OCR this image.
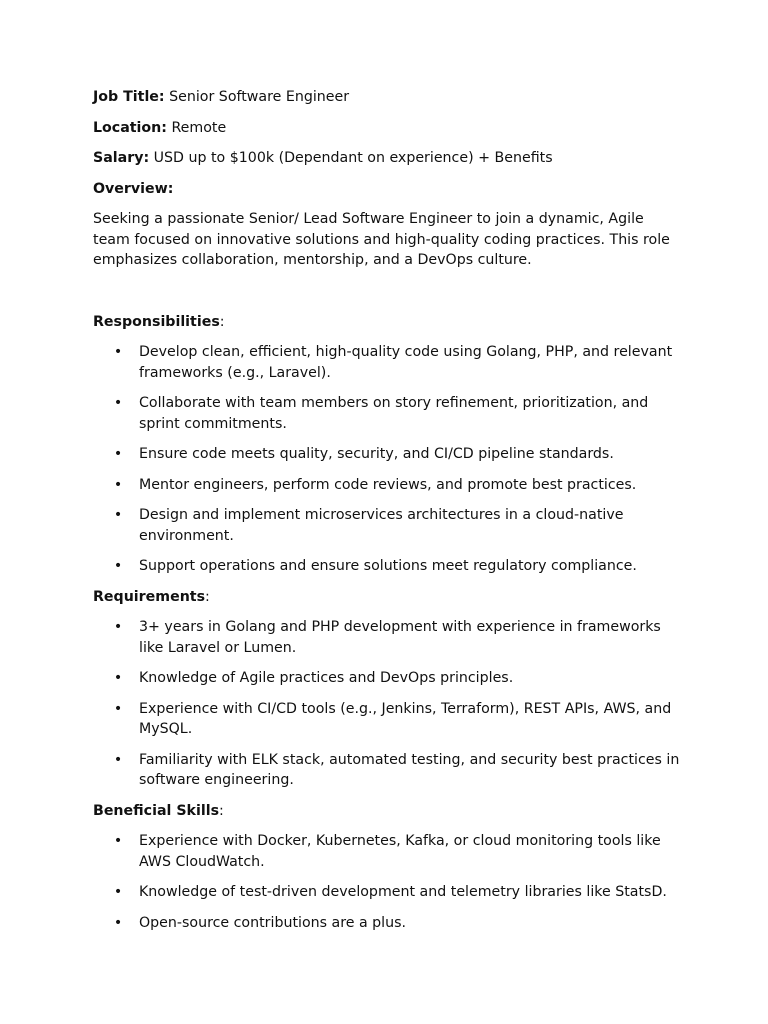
Job Title: Senior Software Engineer

Location: Remote

Salary: USD up to $100k (Dependant on experience) + Benefits

Overview:

Seeking a passionate Senior/ Lead Software Engineer to join a dynamic, Agile team focused on innovative solutions and high-quality coding practices. This role emphasizes collaboration, mentorship, and a DevOps culture.

Responsibilities:

• Develop clean, efficient, high-quality code using Golang, PHP, and relevant frameworks (e.g., Laravel).
• Collaborate with team members on story refinement, prioritization, and sprint commitments.
• Ensure code meets quality, security, and CI/CD pipeline standards.
• Mentor engineers, perform code reviews, and promote best practices.
• Design and implement microservices architectures in a cloud-native environment.
• Support operations and ensure solutions meet regulatory compliance.

Requirements:

• 3+ years in Golang and PHP development with experience in frameworks like Laravel or Lumen.
• Knowledge of Agile practices and DevOps principles.
• Experience with CI/CD tools (e.g., Jenkins, Terraform), REST APIs, AWS, and MySQL.
• Familiarity with ELK stack, automated testing, and security best practices in software engineering.

Beneficial Skills:

• Experience with Docker, Kubernetes, Kafka, or cloud monitoring tools like AWS CloudWatch.
• Knowledge of test-driven development and telemetry libraries like StatsD.
• Open-source contributions are a plus.
